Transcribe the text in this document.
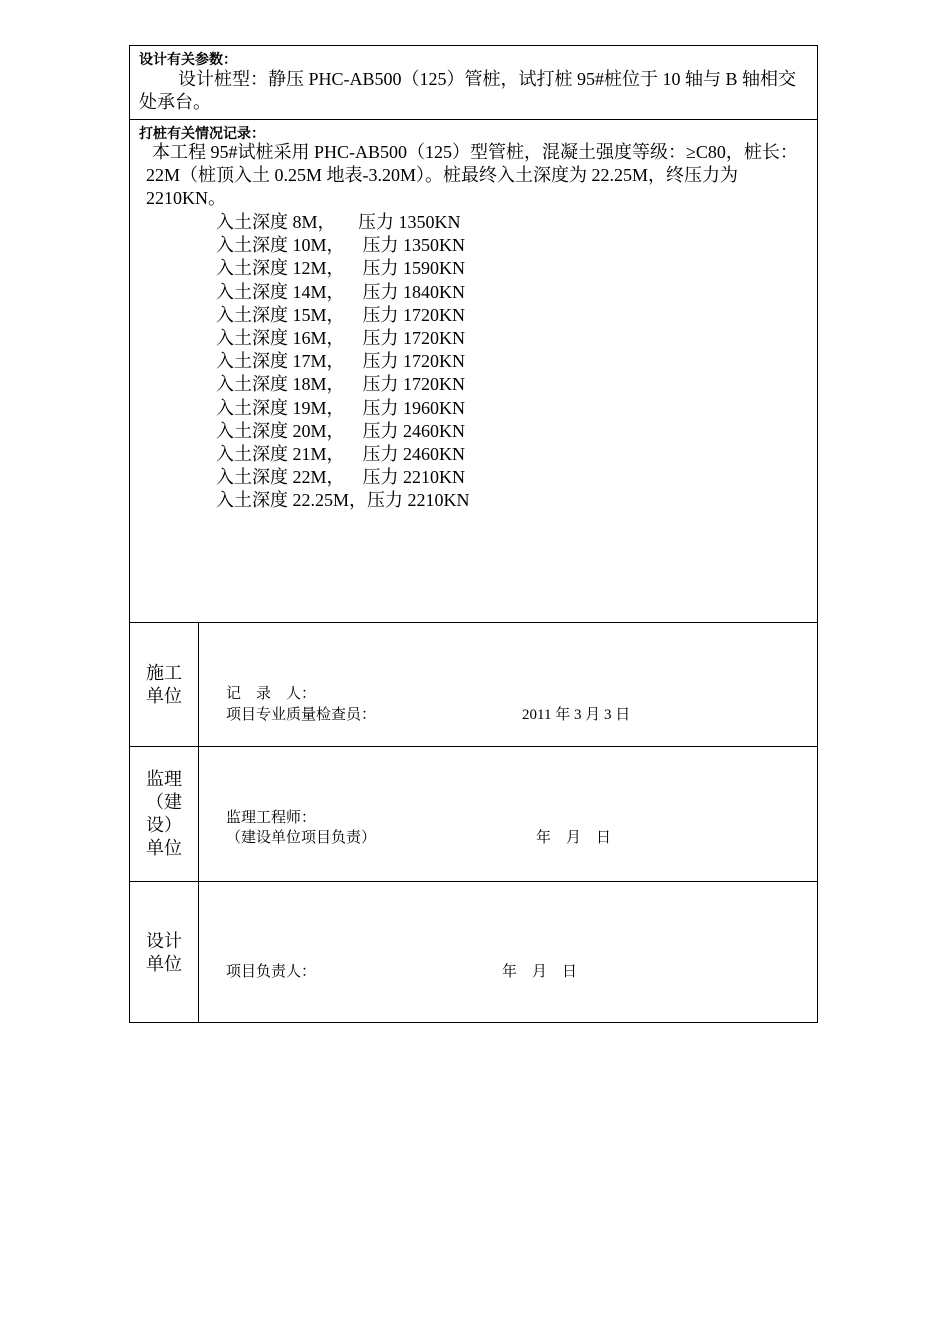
设计有关参数：
设计桩型：静压 PHC-AB500（125）管桩，试打桩 95#桩位于 10 轴与 B 轴相交处承台。
打桩有关情况记录：
本工程 95#试桩采用 PHC-AB500（125）型管桩，混凝土强度等级：≥C80，桩长：22M（桩顶入土 0.25M 地表-3.20M）。桩最终入土深度为 22.25M，终压力为 2210KN。
入土深度 8M，     压力 1350KN
入土深度 10M，    压力 1350KN
入土深度 12M，    压力 1590KN
入土深度 14M，    压力 1840KN
入土深度 15M，    压力 1720KN
入土深度 16M，    压力 1720KN
入土深度 17M，    压力 1720KN
入土深度 18M，    压力 1720KN
入土深度 19M，    压力 1960KN
入土深度 20M，    压力 2460KN
入土深度 21M，    压力 2460KN
入土深度 22M，    压力 2210KN
入土深度 22.25M，压力 2210KN
施工单位	记　录　人：
项目专业质量检查员：	2011 年 3 月 3 日
监理（建设）单位
监理工程师：
（建设单位项目负责）	年　月　日
设计单位	项目负责人：	年　月　日
